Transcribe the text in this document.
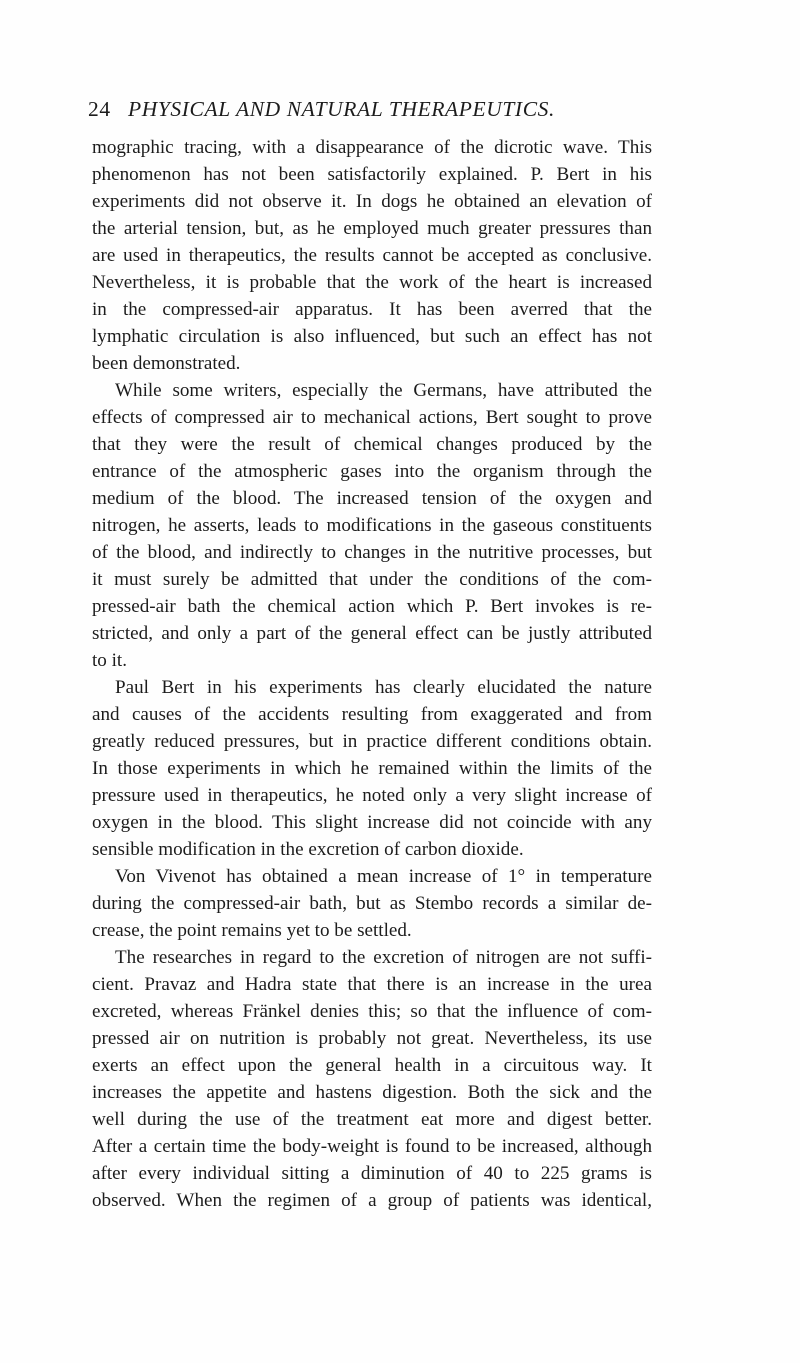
24 PHYSICAL AND NATURAL THERAPEUTICS.
mographic tracing, with a disappearance of the dicrotic wave. This
phenomenon has not been satisfactorily explained. P. Bert in his
experiments did not observe it. In dogs he obtained an elevation of
the arterial tension, but, as he employed much greater pressures than
are used in therapeutics, the results cannot be accepted as conclusive.
Nevertheless, it is probable that the work of the heart is increased
in the compressed-air apparatus. It has been averred that the
lymphatic circulation is also influenced, but such an effect has not
been demonstrated.
While some writers, especially the Germans, have attributed the
effects of compressed air to mechanical actions, Bert sought to prove
that they were the result of chemical changes produced by the
entrance of the atmospheric gases into the organism through the
medium of the blood. The increased tension of the oxygen and
nitrogen, he asserts, leads to modifications in the gaseous constituents
of the blood, and indirectly to changes in the nutritive processes, but
it must surely be admitted that under the conditions of the com-
pressed-air bath the chemical action which P. Bert invokes is re-
stricted, and only a part of the general effect can be justly attributed
to it.
Paul Bert in his experiments has clearly elucidated the nature
and causes of the accidents resulting from exaggerated and from
greatly reduced pressures, but in practice different conditions obtain.
In those experiments in which he remained within the limits of the
pressure used in therapeutics, he noted only a very slight increase of
oxygen in the blood. This slight increase did not coincide with any
sensible modification in the excretion of carbon dioxide.
Von Vivenot has obtained a mean increase of 1° in temperature
during the compressed-air bath, but as Stembo records a similar de-
crease, the point remains yet to be settled.
The researches in regard to the excretion of nitrogen are not suffi-
cient. Pravaz and Hadra state that there is an increase in the urea
excreted, whereas Fränkel denies this; so that the influence of com-
pressed air on nutrition is probably not great. Nevertheless, its use
exerts an effect upon the general health in a circuitous way. It
increases the appetite and hastens digestion. Both the sick and the
well during the use of the treatment eat more and digest better.
After a certain time the body-weight is found to be increased, although
after every individual sitting a diminution of 40 to 225 grams is
observed. When the regimen of a group of patients was identical,
